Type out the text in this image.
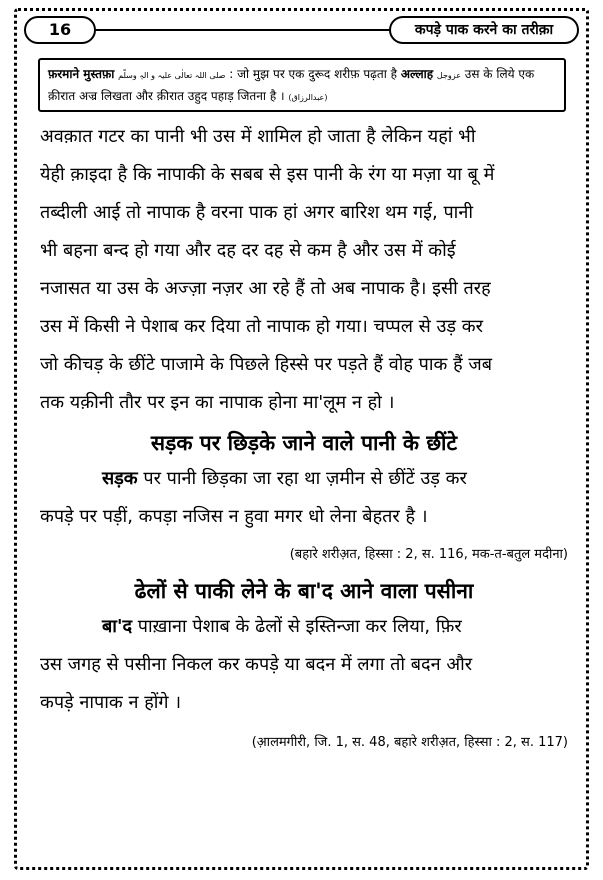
16	कपड़े पाक करने का तरीक़ा
फ़रमाने मुस्तफ़ा صلی اللہ تعالٰی علیہ و الہٖ وسلّم : जो मुझ पर एक दुरूद शरीफ़ पढ़ता है अल्लाह عزوجل उस के लिये एक क़ीरात अज्र लिखता और क़ीरात उहुद पहाड़ जितना है । (عبدالرزاق)

अवक़ात गटर का पानी भी उस में शामिल हो जाता है लेकिन यहां भी

येही क़ाइदा है कि नापाकी के सबब से इस पानी के रंग या मज़ा या बू में

तब्दीली आई तो नापाक है वरना पाक हां अगर बारिश थम गई, पानी

भी बहना बन्द हो गया और दह दर दह से कम है और उस में कोई

नजासत या उस के अज्ज़ा नज़र आ रहे हैं तो अब नापाक है। इसी तरह

उस में किसी ने पेशाब कर दिया तो नापाक हो गया। चप्पल से उड़ कर

जो कीचड़ के छींटे पाजामे के पिछले हिस्से पर पड़ते हैं वोह पाक हैं जब

तक यक़ीनी तौर पर इन का नापाक होना मा'लूम न हो ।

सड़क पर छिड़के जाने वाले पानी के छींटे

सड़क पर पानी छिड़का जा रहा था ज़मीन से छींटें उड़ कर

कपड़े पर पड़ीं, कपड़ा नजिस न हुवा मगर धो लेना बेहतर है ।

(बहारे शरीअ़त, हिस्सा : 2, स. 116, मक-त-बतुल मदीना)

ढेलों से पाकी लेने के बा'द आने वाला पसीना

बा'द पाख़ाना पेशाब के ढेलों से इस्तिन्जा कर लिया, फ़िर

उस जगह से पसीना निकल कर कपड़े या बदन में लगा तो बदन और

कपड़े नापाक न होंगे ।

(आ़लमगीरी, जि. 1, स. 48, बहारे शरीअ़त, हिस्सा : 2, स. 117)
